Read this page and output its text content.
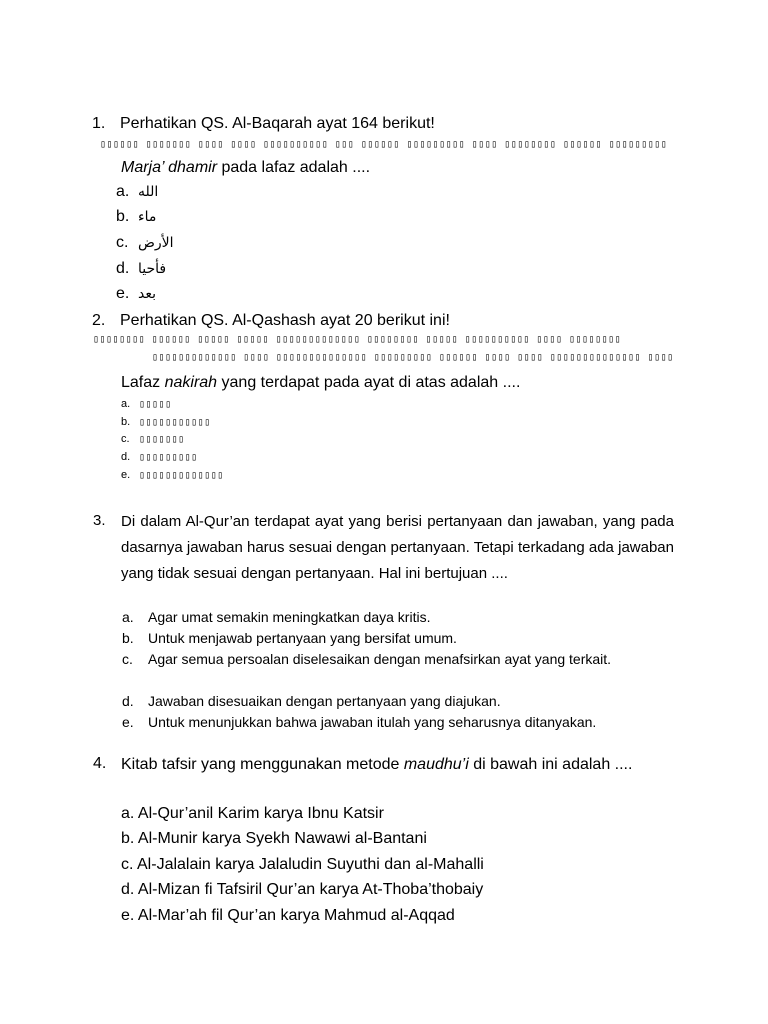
1. Perhatikan QS. Al-Baqarah ayat 164 berikut!
▯▯▯▯▯▯ ▯▯▯▯▯▯▯ ▯▯▯▯ ▯▯▯▯ ▯▯▯▯▯▯▯▯▯▯ ▯▯▯ ▯▯▯▯▯▯ ▯▯▯▯▯▯▯▯▯ ▯▯▯▯ ▯▯▯▯▯▯▯▯ ▯▯▯▯▯▯ ▯▯▯▯▯▯▯▯▯
Marja’ dhamir pada lafaz adalah ....
a. الله
b. ماء
c. الأرض
d. فأحيا
e. بعد
2. Perhatikan QS. Al-Qashash ayat 20 berikut ini!
▯▯▯▯▯▯▯▯ ▯▯▯▯▯▯ ▯▯▯▯▯ ▯▯▯▯▯ ▯▯▯▯▯▯▯▯▯▯▯▯▯ ▯▯▯▯▯▯▯▯ ▯▯▯▯▯ ▯▯▯▯▯▯▯▯▯▯ ▯▯▯▯ ▯▯▯▯▯▯▯▯
▯▯▯▯▯▯▯▯▯▯▯▯▯ ▯▯▯▯ ▯▯▯▯▯▯▯▯▯▯▯▯▯▯ ▯▯▯▯▯▯▯▯▯ ▯▯▯▯▯▯ ▯▯▯▯ ▯▯▯▯ ▯▯▯▯▯▯▯▯▯▯▯▯▯▯ ▯▯▯▯
Lafaz nakirah yang terdapat pada ayat di atas adalah ....
a. ▯▯▯▯▯
b. ▯▯▯▯▯▯▯▯▯▯▯
c. ▯▯▯▯▯▯▯
d. ▯▯▯▯▯▯▯▯▯
e. ▯▯▯▯▯▯▯▯▯▯▯▯▯
3. Di dalam Al-Qur’an terdapat ayat yang berisi pertanyaan dan jawaban, yang pada dasarnya jawaban harus sesuai dengan pertanyaan. Tetapi terkadang ada jawaban yang tidak sesuai dengan pertanyaan. Hal ini bertujuan ....
a. Agar umat semakin meningkatkan daya kritis.
b. Untuk menjawab pertanyaan yang bersifat umum.
c. Agar semua persoalan diselesaikan dengan menafsirkan ayat yang terkait.
d. Jawaban disesuaikan dengan pertanyaan yang diajukan.
e. Untuk menunjukkan bahwa jawaban itulah yang seharusnya ditanyakan.
4. Kitab tafsir yang menggunakan metode maudhu’i di bawah ini adalah ....
a. Al-Qur’anil Karim karya Ibnu Katsir
b. Al-Munir karya Syekh Nawawi al-Bantani
c. Al-Jalalain karya Jalaludin Suyuthi dan al-Mahalli
d. Al-Mizan fi Tafsiril Qur’an karya At-Thoba’thobaiy
e. Al-Mar’ah fil Qur’an karya Mahmud al-Aqqad
